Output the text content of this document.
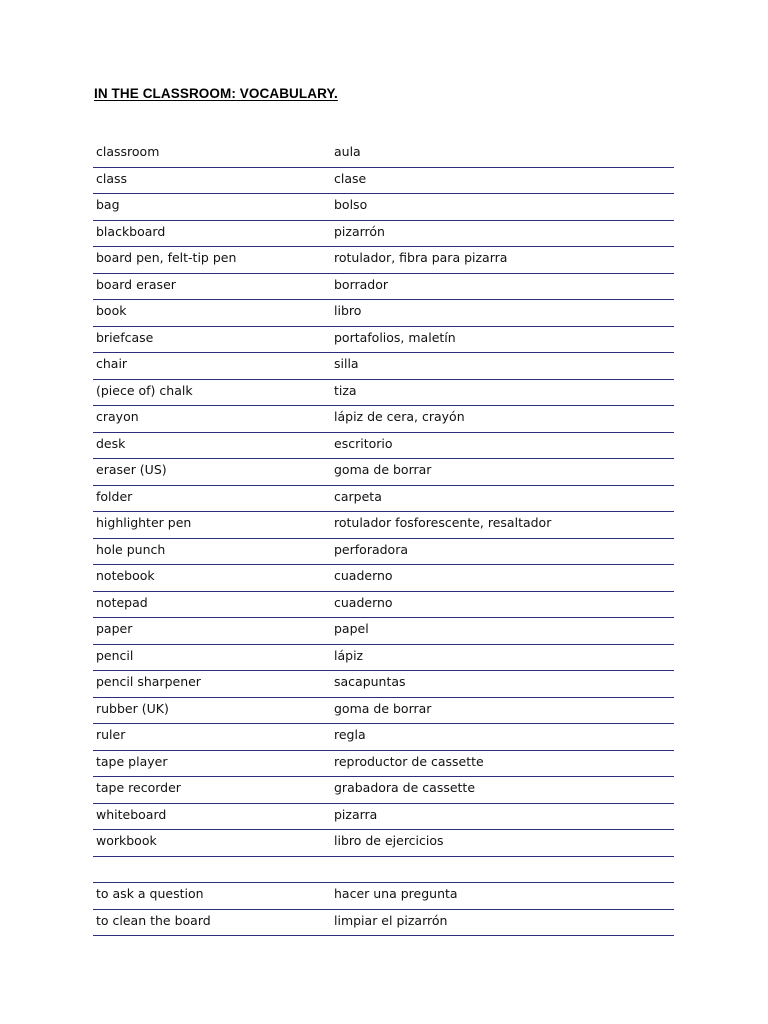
IN THE CLASSROOM: VOCABULARY.
classroom	aula
class	clase
bag	bolso
blackboard	pizarrón
board pen, felt-tip pen	rotulador, fibra para pizarra
board eraser	borrador
book	libro
briefcase	portafolios, maletín
chair	silla
(piece of) chalk	tiza
crayon	lápiz de cera, crayón
desk	escritorio
eraser (US)	goma de borrar
folder	carpeta
highlighter pen	rotulador fosforescente, resaltador
hole punch	perforadora
notebook	cuaderno
notepad	cuaderno
paper	papel
pencil	lápiz
pencil sharpener	sacapuntas
rubber (UK)	goma de borrar
ruler	regla
tape player	reproductor de cassette
tape recorder	grabadora de cassette
whiteboard	pizarra
workbook	libro de ejercicios
to ask a question	hacer una pregunta
to clean the board	limpiar el pizarrón
